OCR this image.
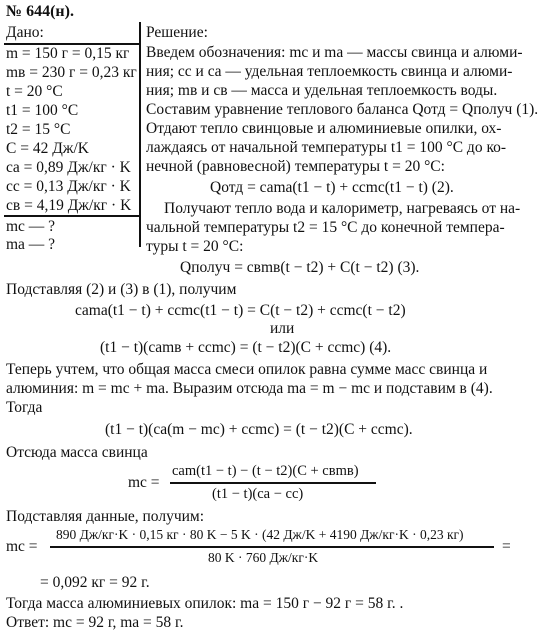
№ 644(н).
Дано:
m = 150 г = 0,15 кг
mв = 230 г = 0,23 кг
t = 20 °C
t1 = 100 °C
t2 = 15 °C
C = 42 Дж/K
cа = 0,89 Дж/кг · K
cс = 0,13 Дж/кг · K
cв = 4,19 Дж/кг · K
mс — ?
mа — ?
Решение:
Введем обозначения: mс и mа — массы свинца и алюми-
ния; cс и cа — удельная теплоемкость свинца и алюми-
ния; mв и cв — масса и удельная теплоемкость воды.
Составим уравнение теплового баланса Qотд = Qполуч (1).
Отдают тепло свинцовые и алюминиевые опилки, ох-
лаждаясь от начальной температуры t1 = 100 °C до ко-
нечной (равновесной) температуры t = 20 °C:
Qотд = cаmа(t1 − t) + cсmс(t1 − t) (2).
Получают тепло вода и калориметр, нагреваясь от на-
чальной температуры t2 = 15 °C до конечной темпера-
туры t = 20 °C:
Qполуч = cвmв(t − t2) + C(t − t2) (3).
Подставляя (2) и (3) в (1), получим
cаmа(t1 − t) + cсmс(t1 − t) = C(t − t2) + cсmс(t − t2)
или
(t1 − t)(cаmв + cсmс) = (t − t2)(C + cсmс) (4).
Теперь учтем, что общая масса смеси опилок равна сумме масс свинца и
алюминия: m = mс + mа. Выразим отсюда mа = m − mс и подставим в (4).
Тогда
(t1 − t)(cа(m − mс) + cсmс) = (t − t2)(C + cсmс).
Отсюда масса свинца
mс =
cаm(t1 − t) − (t − t2)(C + cвmв)
(t1 − t)(cа − cс)
Подставляя данные, получим:
mс =
890 Дж/кг·K · 0,15 кг · 80 K − 5 K · (42 Дж/K + 4190 Дж/кг·K · 0,23 кг)
80 K · 760 Дж/кг·K
=
= 0,092 кг = 92 г.
Тогда масса алюминиевых опилок: mа = 150 г − 92 г = 58 г. .
Ответ: mс = 92 г, mа = 58 г.
